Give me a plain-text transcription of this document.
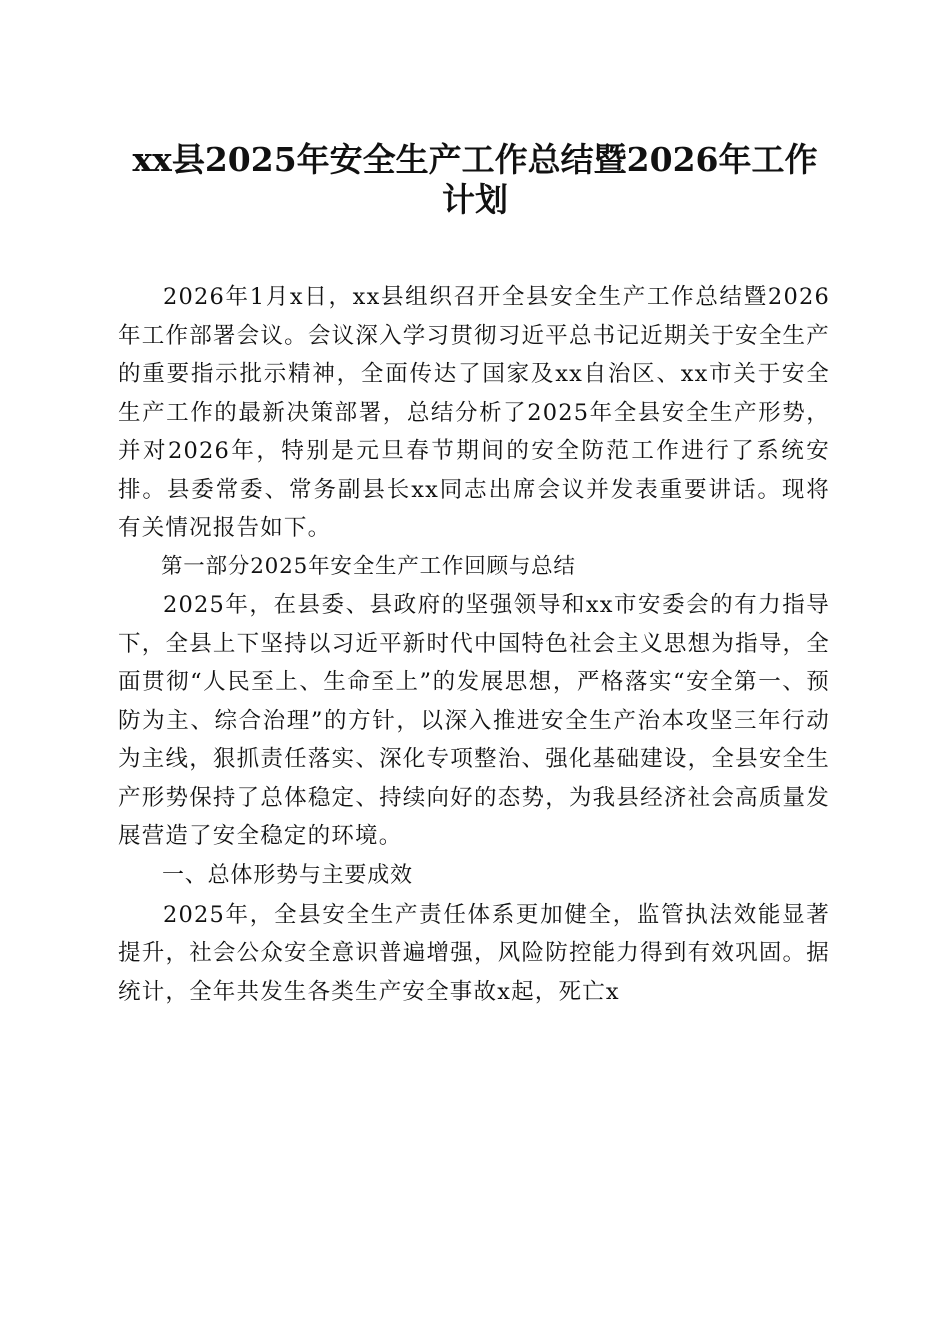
xx县2025年安全生产工作总结暨2026年工作
计划

2026年1月x日，xx县组织召开全县安全生产工作总结暨2026年工作部署会议。会议深入学习贯彻习近平总书记近期关于安全生产的重要指示批示精神，全面传达了国家及xx自治区、xx市关于安全生产工作的最新决策部署，总结分析了2025年全县安全生产形势，并对2026年，特别是元旦春节期间的安全防范工作进行了系统安排。县委常委、常务副县长xx同志出席会议并发表重要讲话。现将有关情况报告如下。

第一部分2025年安全生产工作回顾与总结

2025年，在县委、县政府的坚强领导和xx市安委会的有力指导下，全县上下坚持以习近平新时代中国特色社会主义思想为指导，全面贯彻“人民至上、生命至上”的发展思想，严格落实“安全第一、预防为主、综合治理”的方针，以深入推进安全生产治本攻坚三年行动为主线，狠抓责任落实、深化专项整治、强化基础建设，全县安全生产形势保持了总体稳定、持续向好的态势，为我县经济社会高质量发展营造了安全稳定的环境。

一、总体形势与主要成效

2025年，全县安全生产责任体系更加健全，监管执法效能显著提升，社会公众安全意识普遍增强，风险防控能力得到有效巩固。据统计，全年共发生各类生产安全事故x起，死亡x
